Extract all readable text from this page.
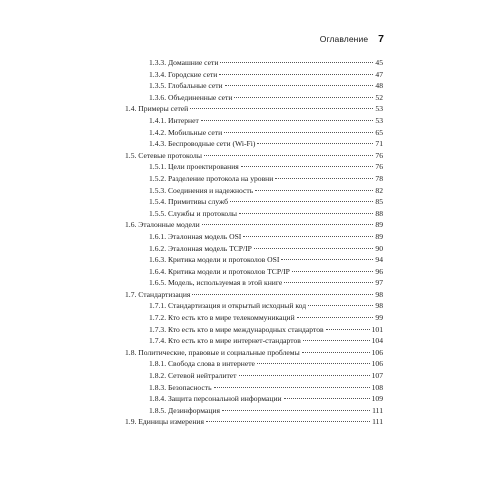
Оглавление 7
1.3.3. Домашние сети	45
1.3.4. Городские сети	47
1.3.5. Глобальные сети	48
1.3.6. Объединенные сети	52
1.4. Примеры сетей	53
1.4.1. Интернет	53
1.4.2. Мобильные сети	65
1.4.3. Беспроводные сети (Wi-Fi)	71
1.5. Сетевые протоколы	76
1.5.1. Цели проектирования	76
1.5.2. Разделение протокола на уровни	78
1.5.3. Соединения и надежность	82
1.5.4. Примитивы служб	85
1.5.5. Службы и протоколы	88
1.6. Эталонные модели	89
1.6.1. Эталонная модель OSI	89
1.6.2. Эталонная модель TCP/IP	90
1.6.3. Критика модели и протоколов OSI	94
1.6.4. Критика модели и протоколов TCP/IP	96
1.6.5. Модель, используемая в этой книге	97
1.7. Стандартизация	98
1.7.1. Стандартизация и открытый исходный код	98
1.7.2. Кто есть кто в мире телекоммуникаций	99
1.7.3. Кто есть кто в мире международных стандартов	101
1.7.4. Кто есть кто в мире интернет-стандартов	104
1.8. Политические, правовые и социальные проблемы	106
1.8.1. Свобода слова в интернете	106
1.8.2. Сетевой нейтралитет	107
1.8.3. Безопасность	108
1.8.4. Защита персональной информации	109
1.8.5. Дезинформация	111
1.9. Единицы измерения	111
